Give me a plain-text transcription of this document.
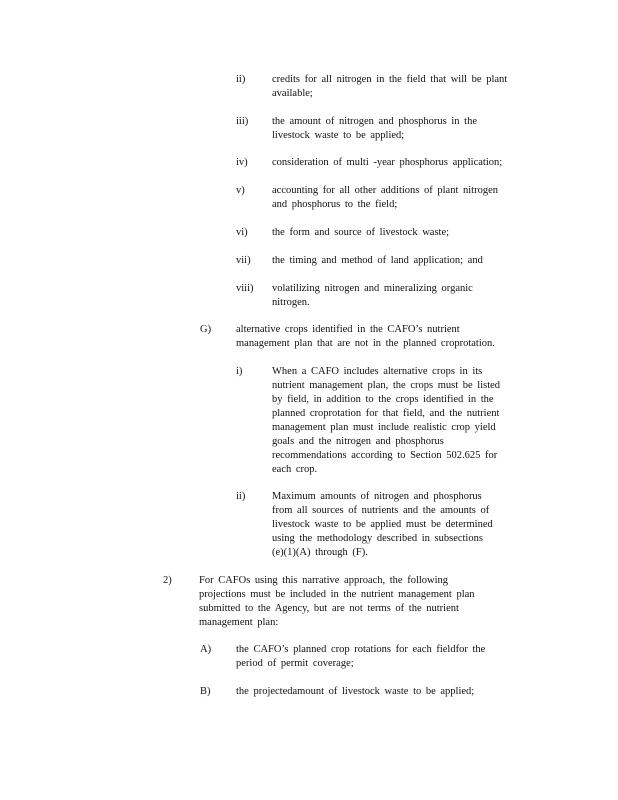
ii)	credits for all nitrogen in the field that will be plant
available;
iii) the amount of nitrogen and phosphorus in the
livestock waste to be applied;
iv) consideration of multi -year phosphorus application;
v)	accounting for all other additions of plant nitrogen
and phosphorus to the field;
vi) the form and source of livestock waste;
vii) the timing and method of land application; and
viii) volatilizing nitrogen and mineralizing organic
nitrogen.
G) alternative crops identified in the CAFO’s nutrient
management plan that are not in the planned croprotation.
i)	When a CAFO includes alternative crops in its
nutrient management plan, the crops must be listed
by field, in addition to the crops identified in the
planned croprotation for that field, and the nutrient
management plan must include realistic crop yield
goals and the nitrogen and phosphorus
recommendations according to Section 502.625 for
each crop.
ii)	Maximum amounts of nitrogen and phosphorus
from all sources of nutrients and the amounts of
livestock waste to be applied must be determined
using the methodology described in subsections
(e)(1)(A) through (F).
2)	For CAFOs using this narrative approach, the following
projections must be included in the nutrient management plan
submitted to the Agency, but are not terms of the nutrient
management plan:
A) the CAFO’s planned crop rotations for each fieldfor the
period of permit coverage;
B) the projectedamount of livestock waste to be applied;
